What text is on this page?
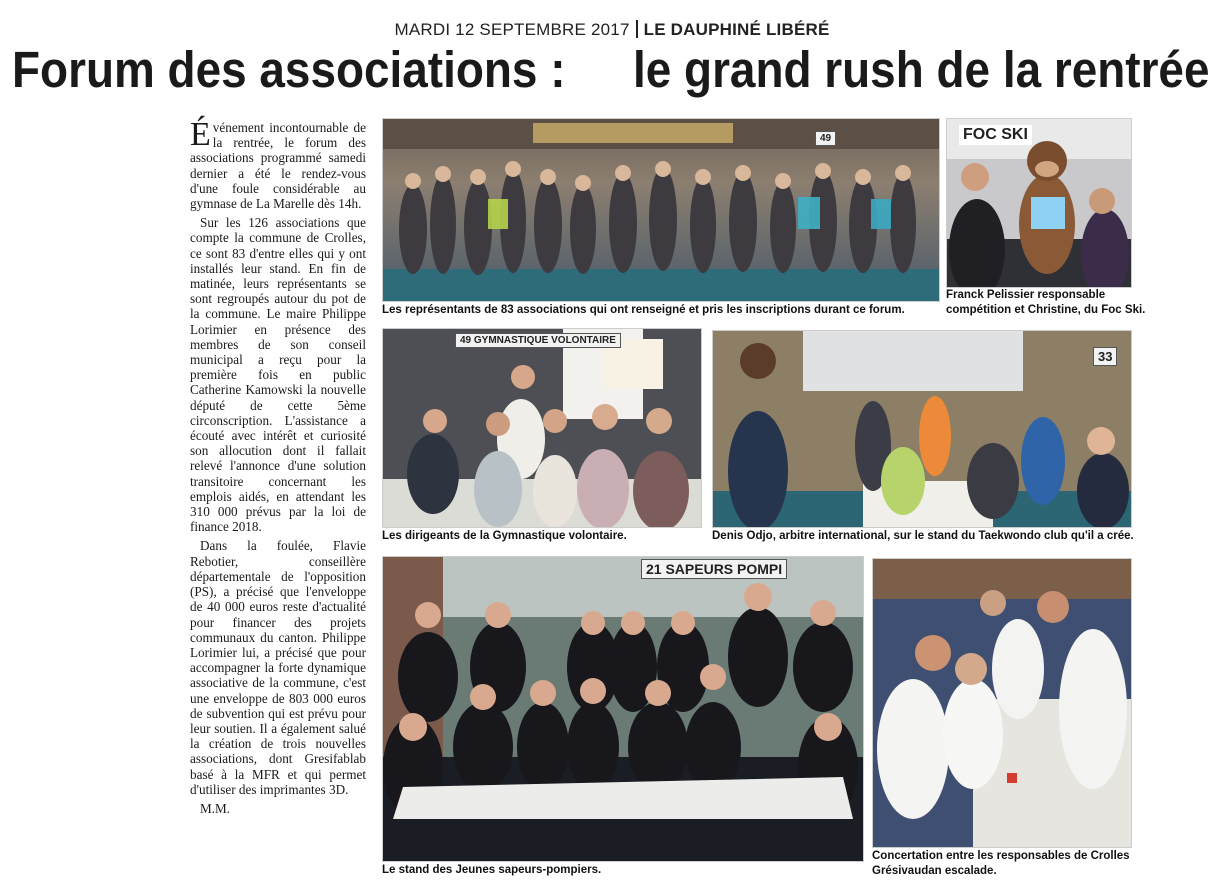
MARDI 12 SEPTEMBRE 2017 LE DAUPHINÉ LIBÉRÉ
Forum des associations : le grand rush de la rentrée

Événement incontournable de la rentrée, le forum des associations programmé samedi dernier a été le rendez-vous d'une foule considérable au gymnase de La Marelle dès 14h.

Sur les 126 associations que compte la commune de Crolles, ce sont 83 d'entre elles qui y ont installés leur stand. En fin de matinée, leurs représentants se sont regroupés autour du pot de la commune. Le maire Philippe Lorimier en présence des membres de son conseil municipal a reçu pour la première fois en public Catherine Kamowski la nouvelle député de cette 5ème circonscription. L'assistance a écouté avec intérêt et curiosité son allocution dont il fallait relevé l'annonce d'une solution transitoire concernant les emplois aidés, en attendant les 310 000 prévus par la loi de finance 2018.

Dans la foulée, Flavie Rebotier, conseillère départementale de l'opposition (PS), a précisé que l'enveloppe de 40 000 euros reste d'actualité pour financer des projets communaux du canton. Philippe Lorimier lui, a précisé que pour accompagner la forte dynamique associative de la commune, c'est une enveloppe de 803 000 euros de subvention qui est prévu pour leur soutien. Il a également salué la création de trois nouvelles associations, dont Gresifablab basé à la MFR et qui permet d'utiliser des imprimantes 3D.

M.M.

49
Les représentants de 83 associations qui ont renseigné et pris les inscriptions durant ce forum.
FOC SKI
Franck Pelissier responsable compétition et Christine, du Foc Ski.
49 GYMNASTIQUE VOLONTAIRE
Les dirigeants de la Gymnastique volontaire.
33
Denis Odjo, arbitre international, sur le stand du Taekwondo club qu'il a crée.
21 SAPEURS POMPI
Le stand des Jeunes sapeurs-pompiers.
Concertation entre les responsables de Crolles Grésivaudan escalade.
